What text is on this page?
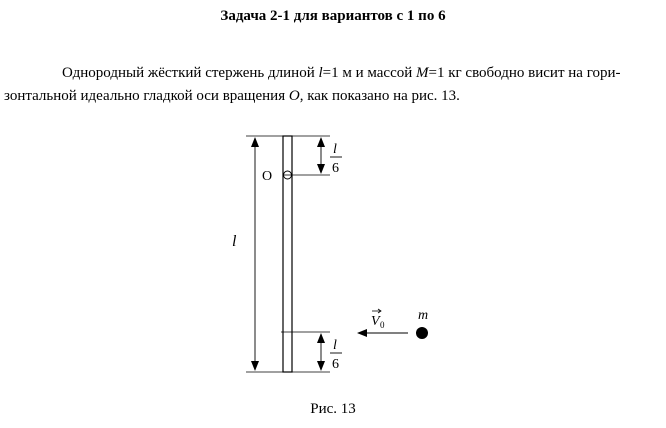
Задача 2-1 для вариантов с 1 по 6
Однородный жёсткий стержень длиной l=1 м и массой M=1 кг свободно висит на гори-
зонтальной идеально гладкой оси вращения O, как показано на рис. 13.
O
l
l
6
l
6
V 0
m
Рис. 13
